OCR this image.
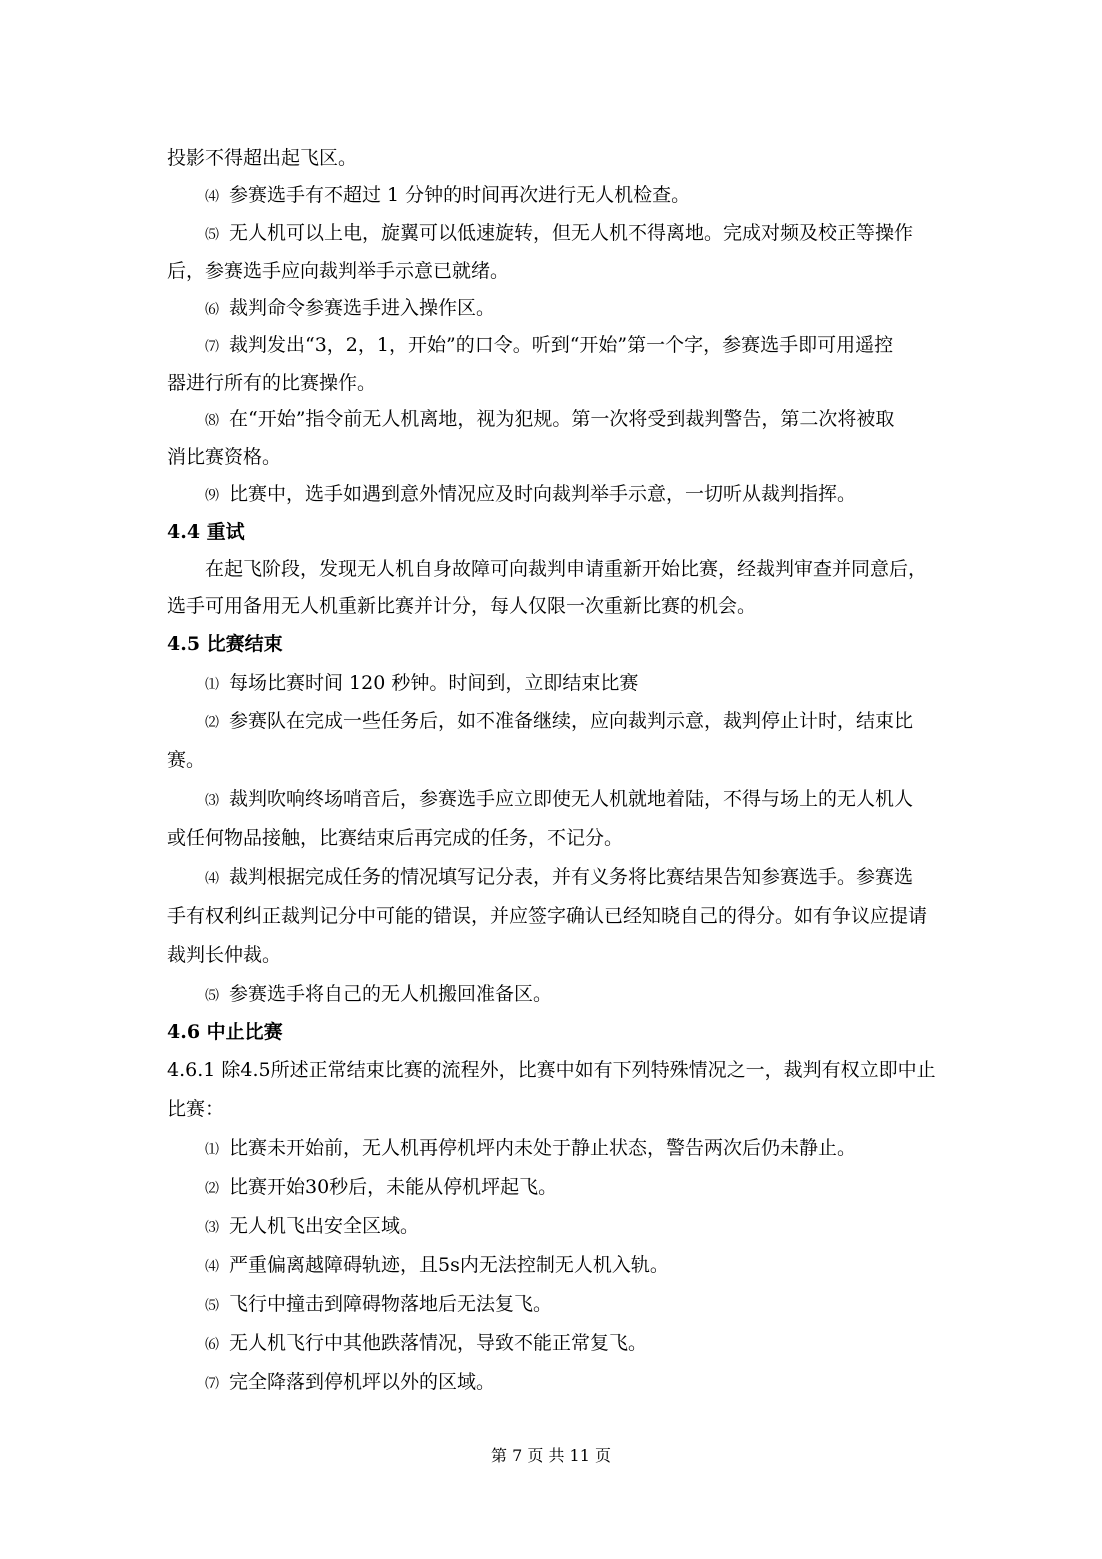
投影不得超出起飞区。
⑷ 参赛选手有不超过 1 分钟的时间再次进行无人机检查。
⑸ 无人机可以上电，旋翼可以低速旋转，但无人机不得离地。完成对频及校正等操作
后，参赛选手应向裁判举手示意已就绪。
⑹ 裁判命令参赛选手进入操作区。
⑺ 裁判发出“3，2，1，开始”的口令。听到“开始”第一个字，参赛选手即可用遥控
器进行所有的比赛操作。
⑻ 在“开始”指令前无人机离地，视为犯规。第一次将受到裁判警告，第二次将被取
消比赛资格。
⑼ 比赛中，选手如遇到意外情况应及时向裁判举手示意，一切听从裁判指挥。
4.4 重试
在起飞阶段，发现无人机自身故障可向裁判申请重新开始比赛，经裁判审查并同意后，
选手可用备用无人机重新比赛并计分，每人仅限一次重新比赛的机会。
4.5 比赛结束
⑴ 每场比赛时间 120 秒钟。时间到，立即结束比赛
⑵ 参赛队在完成一些任务后，如不准备继续，应向裁判示意，裁判停止计时，结束比
赛。
⑶ 裁判吹响终场哨音后，参赛选手应立即使无人机就地着陆，不得与场上的无人机人
或任何物品接触，比赛结束后再完成的任务，不记分。
⑷ 裁判根据完成任务的情况填写记分表，并有义务将比赛结果告知参赛选手。参赛选
手有权利纠正裁判记分中可能的错误，并应签字确认已经知晓自己的得分。如有争议应提请
裁判长仲裁。
⑸ 参赛选手将自己的无人机搬回准备区。
4.6 中止比赛
4.6.1 除4.5所述正常结束比赛的流程外，比赛中如有下列特殊情况之一，裁判有权立即中止
比赛：
⑴ 比赛未开始前，无人机再停机坪内未处于静止状态，警告两次后仍未静止。
⑵ 比赛开始30秒后，未能从停机坪起飞。
⑶ 无人机飞出安全区域。
⑷ 严重偏离越障碍轨迹，且5s内无法控制无人机入轨。
⑸ 飞行中撞击到障碍物落地后无法复飞。
⑹ 无人机飞行中其他跌落情况，导致不能正常复飞。
⑺ 完全降落到停机坪以外的区域。
第 7 页 共 11 页
